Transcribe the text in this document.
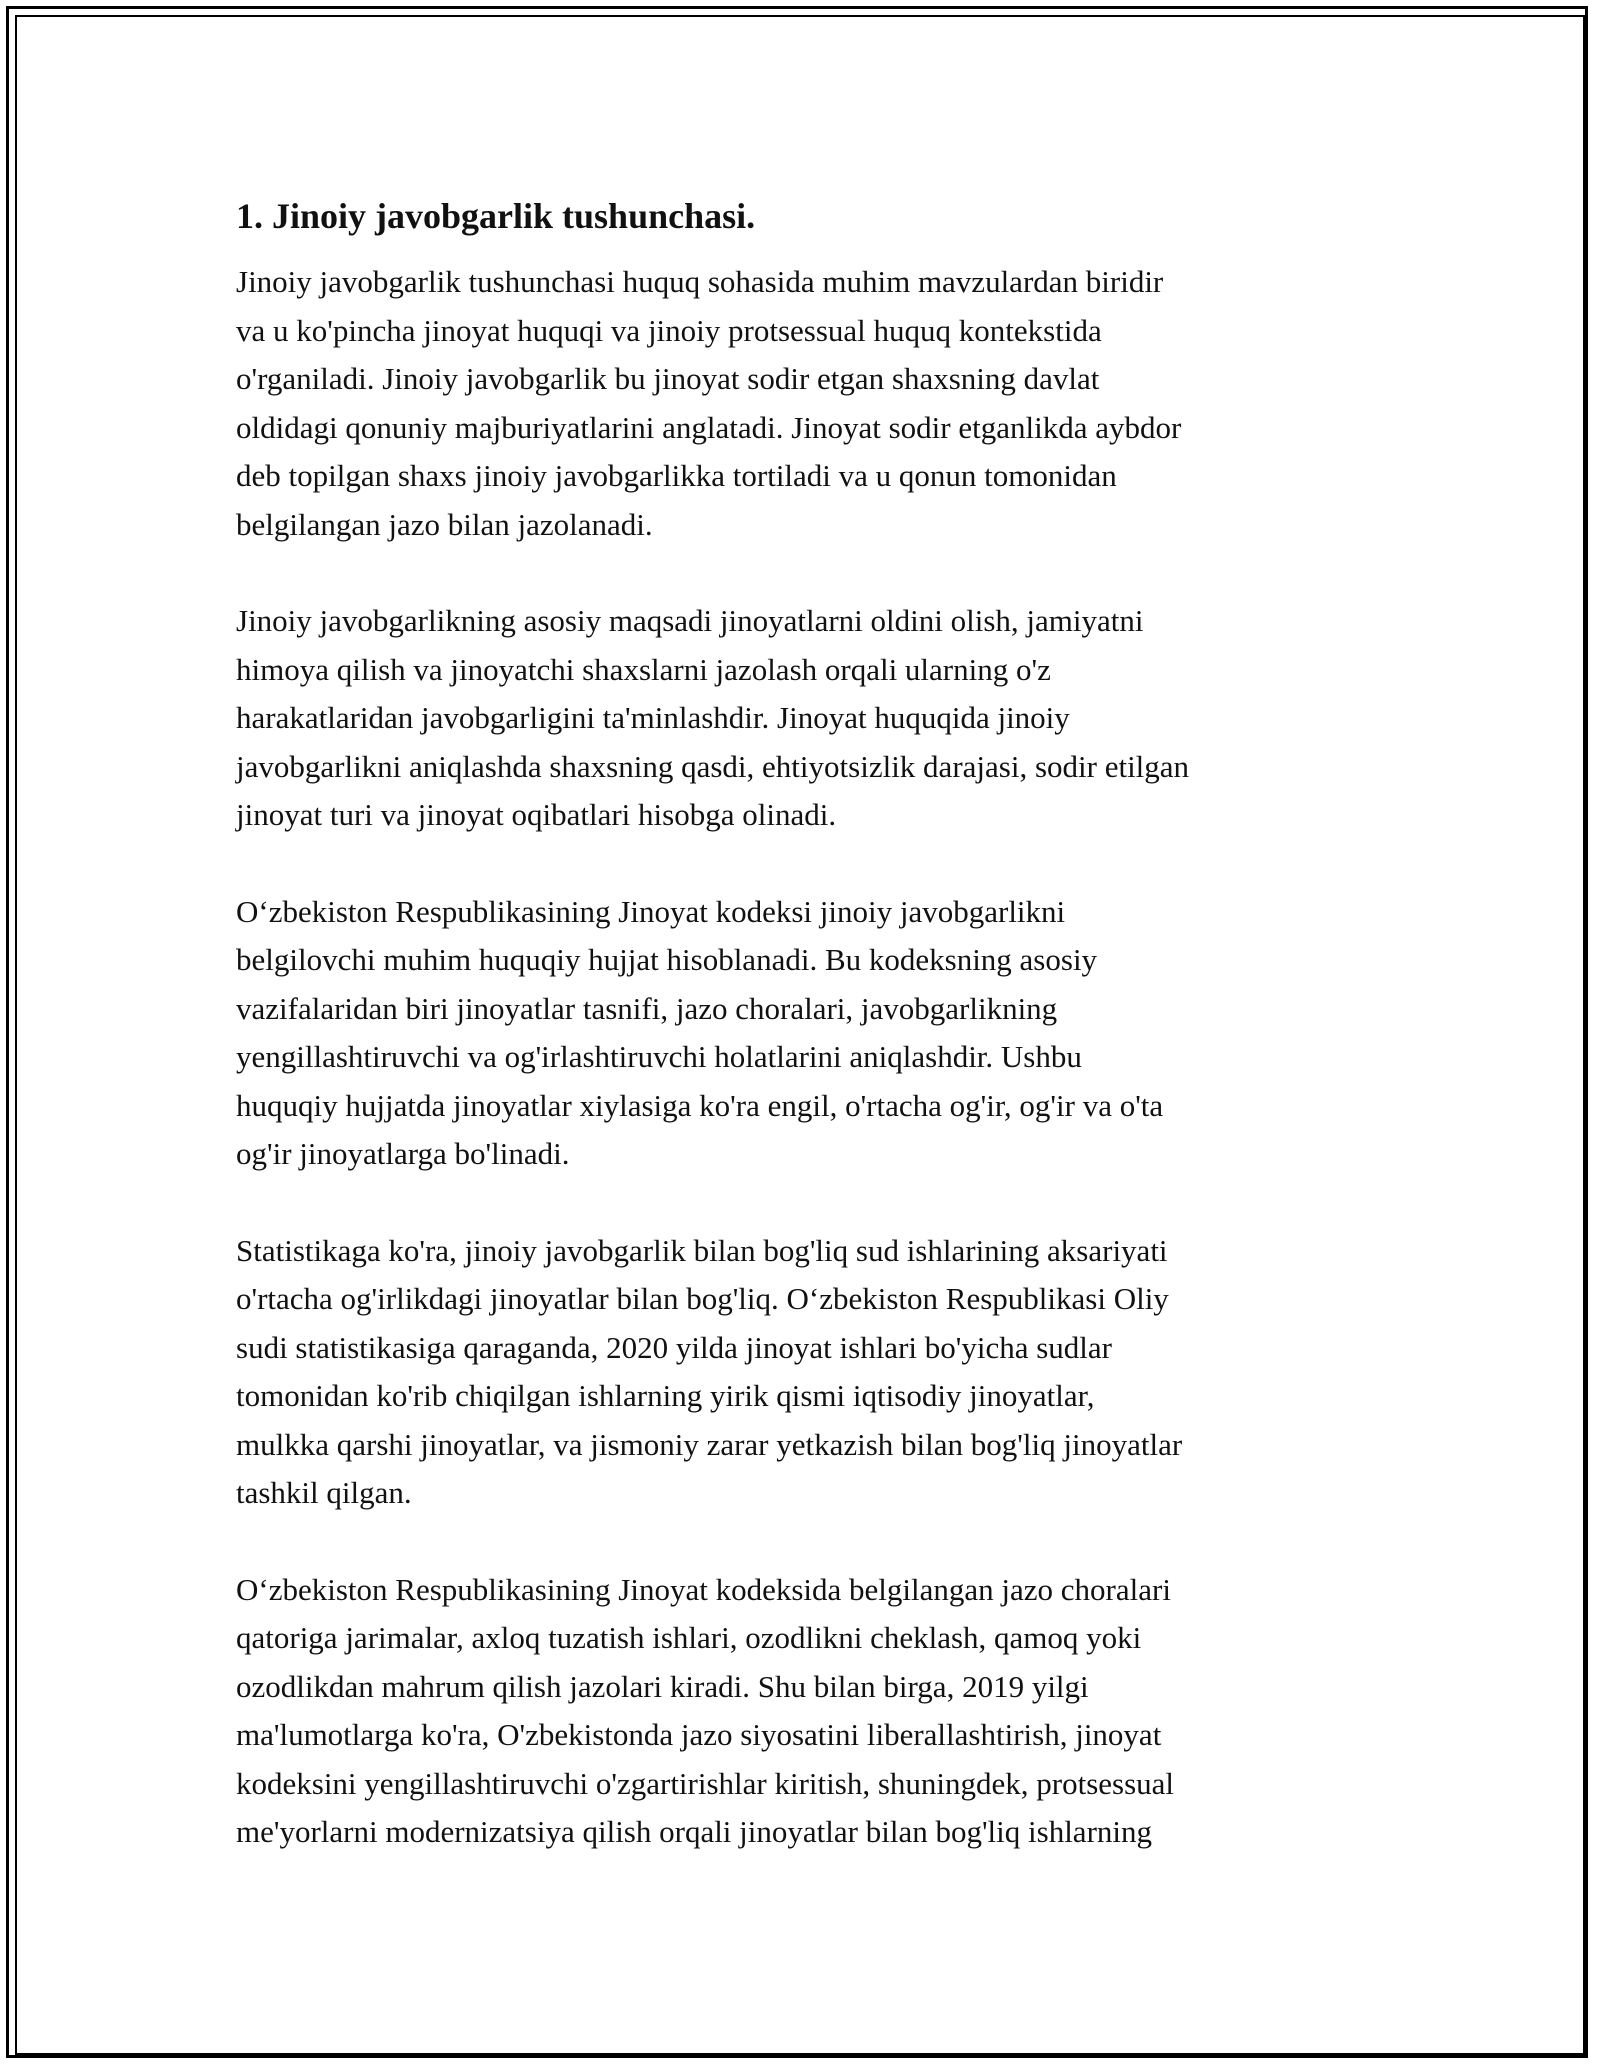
1. Jinoiy javobgarlik tushunchasi.
Jinoiy javobgarlik tushunchasi huquq sohasida muhim mavzulardan biridir
va u ko'pincha jinoyat huquqi va jinoiy protsessual huquq kontekstida
o'rganiladi. Jinoiy javobgarlik bu jinoyat sodir etgan shaxsning davlat
oldidagi qonuniy majburiyatlarini anglatadi. Jinoyat sodir etganlikda aybdor
deb topilgan shaxs jinoiy javobgarlikka tortiladi va u qonun tomonidan
belgilangan jazo bilan jazolanadi.
Jinoiy javobgarlikning asosiy maqsadi jinoyatlarni oldini olish, jamiyatni
himoya qilish va jinoyatchi shaxslarni jazolash orqali ularning o'z
harakatlaridan javobgarligini ta'minlashdir. Jinoyat huquqida jinoiy
javobgarlikni aniqlashda shaxsning qasdi, ehtiyotsizlik darajasi, sodir etilgan
jinoyat turi va jinoyat oqibatlari hisobga olinadi.
O‘zbekiston Respublikasining Jinoyat kodeksi jinoiy javobgarlikni
belgilovchi muhim huquqiy hujjat hisoblanadi. Bu kodeksning asosiy
vazifalaridan biri jinoyatlar tasnifi, jazo choralari, javobgarlikning
yengillashtiruvchi va og'irlashtiruvchi holatlarini aniqlashdir. Ushbu
huquqiy hujjatda jinoyatlar xiylasiga ko'ra engil, o'rtacha og'ir, og'ir va o'ta
og'ir jinoyatlarga bo'linadi.
Statistikaga ko'ra, jinoiy javobgarlik bilan bog'liq sud ishlarining aksariyati
o'rtacha og'irlikdagi jinoyatlar bilan bog'liq. O‘zbekiston Respublikasi Oliy
sudi statistikasiga qaraganda, 2020 yilda jinoyat ishlari bo'yicha sudlar
tomonidan ko'rib chiqilgan ishlarning yirik qismi iqtisodiy jinoyatlar,
mulkka qarshi jinoyatlar, va jismoniy zarar yetkazish bilan bog'liq jinoyatlar
tashkil qilgan.
O‘zbekiston Respublikasining Jinoyat kodeksida belgilangan jazo choralari
qatoriga jarimalar, axloq tuzatish ishlari, ozodlikni cheklash, qamoq yoki
ozodlikdan mahrum qilish jazolari kiradi. Shu bilan birga, 2019 yilgi
ma'lumotlarga ko'ra, O'zbekistonda jazo siyosatini liberallashtirish, jinoyat
kodeksini yengillashtiruvchi o'zgartirishlar kiritish, shuningdek, protsessual
me'yorlarni modernizatsiya qilish orqali jinoyatlar bilan bog'liq ishlarning
